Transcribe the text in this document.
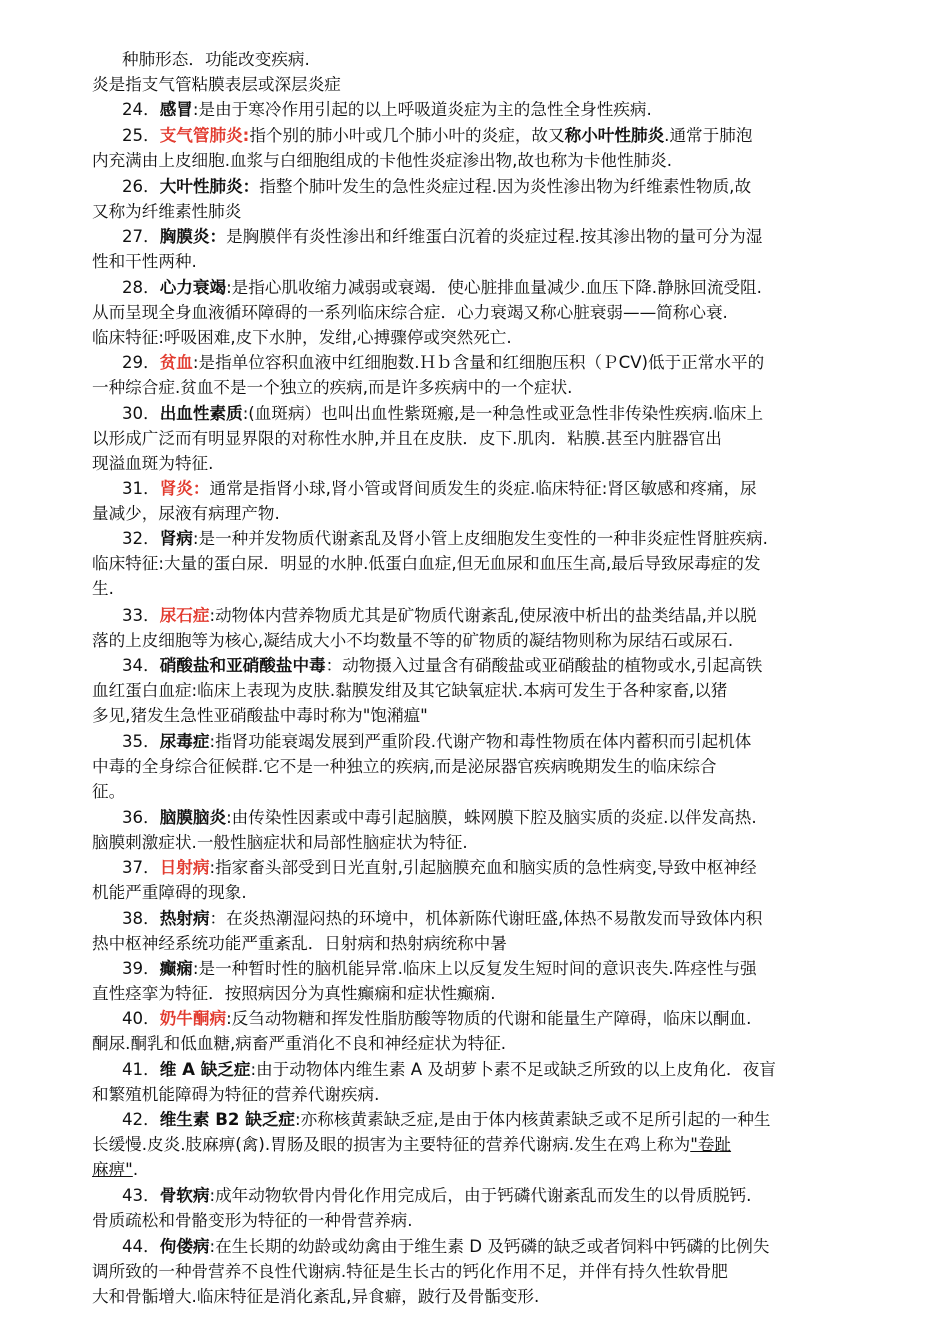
种肺形态．功能改变疾病.
炎是指支气管粘膜表层或深层炎症
24．感冒:是由于寒冷作用引起的以上呼吸道炎症为主的急性全身性疾病.
25．支气管肺炎:指个别的肺小叶或几个肺小叶的炎症，故又称小叶性肺炎.通常于肺泡
内充满由上皮细胞.血浆与白细胞组成的卡他性炎症渗出物,故也称为卡他性肺炎.
26．大叶性肺炎：指整个肺叶发生的急性炎症过程.因为炎性渗出物为纤维素性物质,故
又称为纤维素性肺炎
27．胸膜炎：是胸膜伴有炎性渗出和纤维蛋白沉着的炎症过程.按其渗出物的量可分为湿
性和干性两种.
28．心力衰竭:是指心肌收缩力减弱或衰竭．使心脏排血量减少.血压下降.静脉回流受阻.
从而呈现全身血液循环障碍的一系列临床综合症．心力衰竭又称心脏衰弱——简称心衰.
临床特征:呼吸困难,皮下水肿，发绀,心搏骤停或突然死亡.
29．贫血:是指单位容积血液中红细胞数.Ｈｂ含量和红细胞压积（ＰCV)低于正常水平的
一种综合症.贫血不是一个独立的疾病,而是许多疾病中的一个症状.
30．出血性素质:(血斑病）也叫出血性紫斑瘢,是一种急性或亚急性非传染性疾病.临床上
以形成广泛而有明显界限的对称性水肿,并且在皮肤．皮下.肌肉．粘膜.甚至内脏器官出
现溢血斑为特征.
31．肾炎：通常是指肾小球,肾小管或肾间质发生的炎症.临床特征:肾区敏感和疼痛，尿
量减少，尿液有病理产物.
32．肾病:是一种并发物质代谢紊乱及肾小管上皮细胞发生变性的一种非炎症性肾脏疾病.
临床特征:大量的蛋白尿．明显的水肿.低蛋白血症,但无血尿和血压生高,最后导致尿毒症的发
生.
33．尿石症:动物体内营养物质尤其是矿物质代谢紊乱,使尿液中析出的盐类结晶,并以脱
落的上皮细胞等为核心,凝结成大小不均数量不等的矿物质的凝结物则称为尿结石或尿石.
34．硝酸盐和亚硝酸盐中毒：动物摄入过量含有硝酸盐或亚硝酸盐的植物或水,引起高铁
血红蛋白血症:临床上表现为皮肤.黏膜发绀及其它缺氧症状.本病可发生于各种家畜,以猪
多见,猪发生急性亚硝酸盐中毒时称为"饱潲瘟"
35．尿毒症:指肾功能衰竭发展到严重阶段.代谢产物和毒性物质在体内蓄积而引起机体
中毒的全身综合征候群.它不是一种独立的疾病,而是泌尿器官疾病晚期发生的临床综合
征。
36．脑膜脑炎:由传染性因素或中毒引起脑膜，蛛网膜下腔及脑实质的炎症.以伴发高热.
脑膜刺激症状.一般性脑症状和局部性脑症状为特征.
37．日射病:指家畜头部受到日光直射,引起脑膜充血和脑实质的急性病变,导致中枢神经
机能严重障碍的现象.
38．热射病：在炎热潮湿闷热的环境中，机体新陈代谢旺盛,体热不易散发而导致体内积
热中枢神经系统功能严重紊乱．日射病和热射病统称中暑
39．癫痫:是一种暂时性的脑机能异常.临床上以反复发生短时间的意识丧失.阵痉性与强
直性痉挛为特征．按照病因分为真性癫痫和症状性癫痫.
40．奶牛酮病:反刍动物糖和挥发性脂肪酸等物质的代谢和能量生产障碍，临床以酮血.
酮尿.酮乳和低血糖,病畜严重消化不良和神经症状为特征.
41．维 A 缺乏症:由于动物体内维生素 A 及胡萝卜素不足或缺乏所致的以上皮角化．夜盲
和繁殖机能障碍为特征的营养代谢疾病.
42．维生素 B2 缺乏症:亦称核黄素缺乏症,是由于体内核黄素缺乏或不足所引起的一种生
长缓慢.皮炎.肢麻痹(禽).胃肠及眼的损害为主要特征的营养代谢病.发生在鸡上称为"卷趾
麻痹".
43．骨软病:成年动物软骨内骨化作用完成后，由于钙磷代谢紊乱而发生的以骨质脱钙.
骨质疏松和骨骼变形为特征的一种骨营养病.
44．佝偻病:在生长期的幼龄或幼禽由于维生素 D 及钙磷的缺乏或者饲料中钙磷的比例失
调所致的一种骨营养不良性代谢病.特征是生长古的钙化作用不足，并伴有持久性软骨肥
大和骨骺增大.临床特征是消化紊乱,异食癖，跛行及骨骺变形.
